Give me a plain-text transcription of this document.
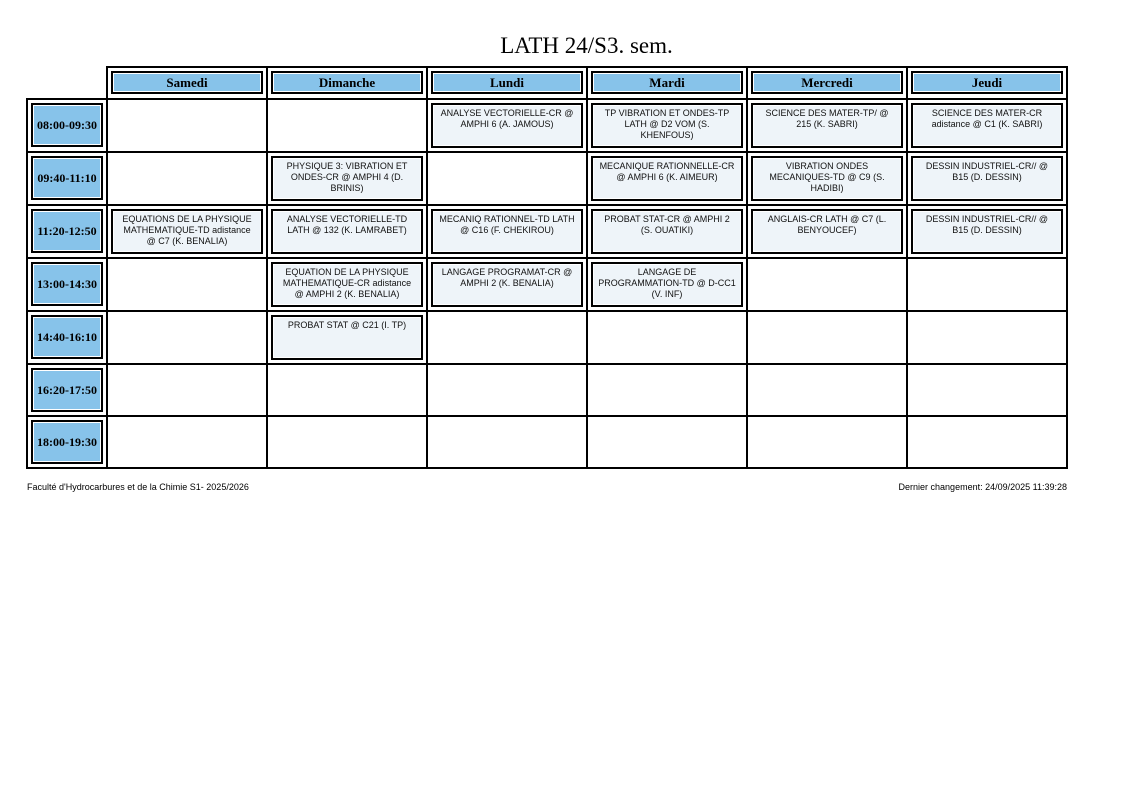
LATH 24/S3. sem.

	Samedi	Dimanche	Lundi	Mardi	Mercredi	Jeudi

08:00-09:30			ANALYSE VECTORIELLE-CR @ AMPHI 6 (A. JAMOUS)	TP VIBRATION ET ONDES-TP LATH @ D2 VOM (S. KHENFOUS)	SCIENCE DES MATER-TP/ @ 215 (K. SABRI)	SCIENCE DES MATER-CR adistance @ C1 (K. SABRI)

09:40-11:10		PHYSIQUE 3: VIBRATION ET ONDES-CR @ AMPHI 4 (D. BRINIS)		MECANIQUE RATIONNELLE-CR @ AMPHI 6 (K. AIMEUR)	VIBRATION ONDES MECANIQUES-TD @ C9 (S. HADIBI)	DESSIN INDUSTRIEL-CR// @ B15 (D. DESSIN)

11:20-12:50	EQUATIONS DE LA PHYSIQUE MATHEMATIQUE-TD adistance @ C7 (K. BENALIA)	ANALYSE VECTORIELLE-TD LATH @ 132 (K. LAMRABET)	MECANIQ RATIONNEL-TD LATH @ C16 (F. CHEKIROU)	PROBAT STAT-CR @ AMPHI 2 (S. OUATIKI)	ANGLAIS-CR LATH @ C7 (L. BENYOUCEF)	DESSIN INDUSTRIEL-CR// @ B15 (D. DESSIN)

13:00-14:30		EQUATION DE LA PHYSIQUE MATHEMATIQUE-CR adistance @ AMPHI 2 (K. BENALIA)	LANGAGE PROGRAMAT-CR @ AMPHI 2 (K. BENALIA)	LANGAGE DE PROGRAMMATION-TD @ D-CC1 (V. INF)		

14:40-16:10		PROBAT STAT @ C21 (I. TP)				

16:20-17:50						

18:00-19:30						

Faculté d'Hydrocarbures et de la Chimie S1- 2025/2026	Dernier changement: 24/09/2025 11:39:28
